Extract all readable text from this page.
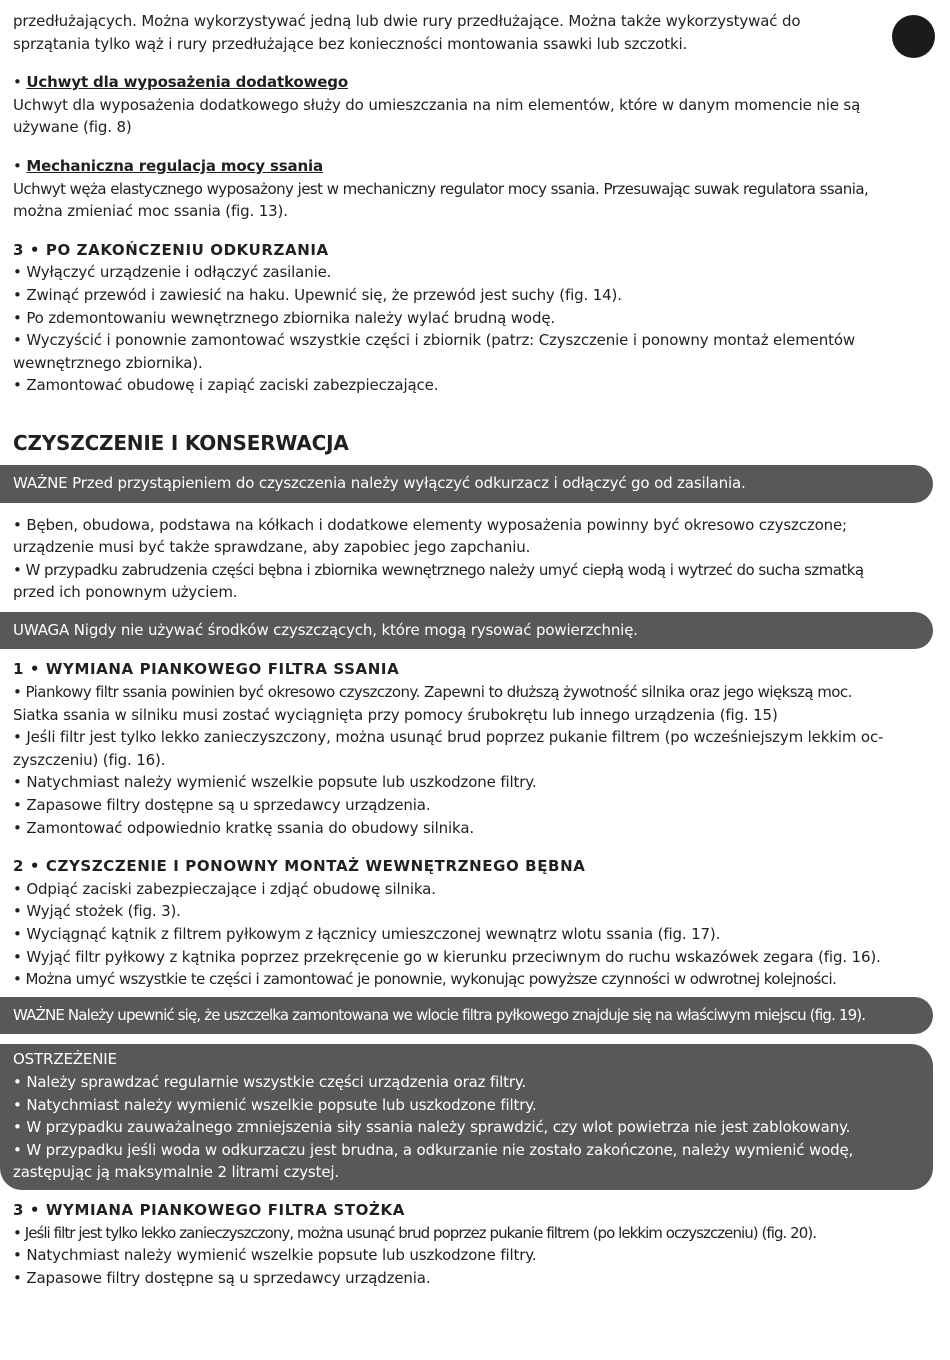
przedłużających. Można wykorzystywać jedną lub dwie rury przedłużające. Można także wykorzystywać do
sprzątania tylko wąż i rury przedłużające bez konieczności montowania ssawki lub szczotki.
• Uchwyt dla wyposażenia dodatkowego
Uchwyt dla wyposażenia dodatkowego służy do umieszczania na nim elementów, które w danym momencie nie są
używane (fig. 8)
• Mechaniczna regulacja mocy ssania
Uchwyt węża elastycznego wyposażony jest w mechaniczny regulator mocy ssania. Przesuwając suwak regulatora ssania,
można zmieniać moc ssania (fig. 13).
3 • PO ZAKOŃCZENIU ODKURZANIA
• Wyłączyć urządzenie i odłączyć zasilanie.
• Zwinąć przewód i zawiesić na haku. Upewnić się, że przewód jest suchy (fig. 14).
• Po zdemontowaniu wewnętrznego zbiornika należy wylać brudną wodę.
• Wyczyścić i ponownie zamontować wszystkie części i zbiornik (patrz: Czyszczenie i ponowny montaż elementów
wewnętrznego zbiornika).
• Zamontować obudowę i zapiąć zaciski zabezpieczające.
CZYSZCZENIE I KONSERWACJA
WAŻNE Przed przystąpieniem do czyszczenia należy wyłączyć odkurzacz i odłączyć go od zasilania.
• Bęben, obudowa, podstawa na kółkach i dodatkowe elementy wyposażenia powinny być okresowo czyszczone;
urządzenie musi być także sprawdzane, aby zapobiec jego zapchaniu.
• W przypadku zabrudzenia części bębna i zbiornika wewnętrznego należy umyć ciepłą wodą i wytrzeć do sucha szmatką
przed ich ponownym użyciem.
UWAGA Nigdy nie używać środków czyszczących, które mogą rysować powierzchnię.
1 • WYMIANA PIANKOWEGO FILTRA SSANIA
• Piankowy filtr ssania powinien być okresowo czyszczony. Zapewni to dłuższą żywotność silnika oraz jego większą moc.
Siatka ssania w silniku musi zostać wyciągnięta przy pomocy śrubokrętu lub innego urządzenia (fig. 15)
• Jeśli filtr jest tylko lekko zanieczyszczony, można usunąć brud poprzez pukanie filtrem (po wcześniejszym lekkim oc-
zyszczeniu) (fig. 16).
• Natychmiast należy wymienić wszelkie popsute lub uszkodzone filtry.
• Zapasowe filtry dostępne są u sprzedawcy urządzenia.
• Zamontować odpowiednio kratkę ssania do obudowy silnika.
2 • CZYSZCZENIE I PONOWNY MONTAŻ WEWNĘTRZNEGO BĘBNA
• Odpiąć zaciski zabezpieczające i zdjąć obudowę silnika.
• Wyjąć stożek (fig. 3).
• Wyciągnąć kątnik z filtrem pyłkowym z łącznicy umieszczonej wewnątrz wlotu ssania (fig. 17).
• Wyjąć filtr pyłkowy z kątnika poprzez przekręcenie go w kierunku przeciwnym do ruchu wskazówek zegara (fig. 16).
• Można umyć wszystkie te części i zamontować je ponownie, wykonując powyższe czynności w odwrotnej kolejności.
WAŻNE Należy upewnić się, że uszczelka zamontowana we wlocie filtra pyłkowego znajduje się na właściwym miejscu (fig. 19).
OSTRZEŻENIE
• Należy sprawdzać regularnie wszystkie części urządzenia oraz filtry.
• Natychmiast należy wymienić wszelkie popsute lub uszkodzone filtry.
• W przypadku zauważalnego zmniejszenia siły ssania należy sprawdzić, czy wlot powietrza nie jest zablokowany.
• W przypadku jeśli woda w odkurzaczu jest brudna, a odkurzanie nie zostało zakończone, należy wymienić wodę,
zastępując ją maksymalnie 2 litrami czystej.
3 • WYMIANA PIANKOWEGO FILTRA STOŻKA
• Jeśli filtr jest tylko lekko zanieczyszczony, można usunąć brud poprzez pukanie filtrem (po lekkim oczyszczeniu) (fig. 20).
• Natychmiast należy wymienić wszelkie popsute lub uszkodzone filtry.
• Zapasowe filtry dostępne są u sprzedawcy urządzenia.
